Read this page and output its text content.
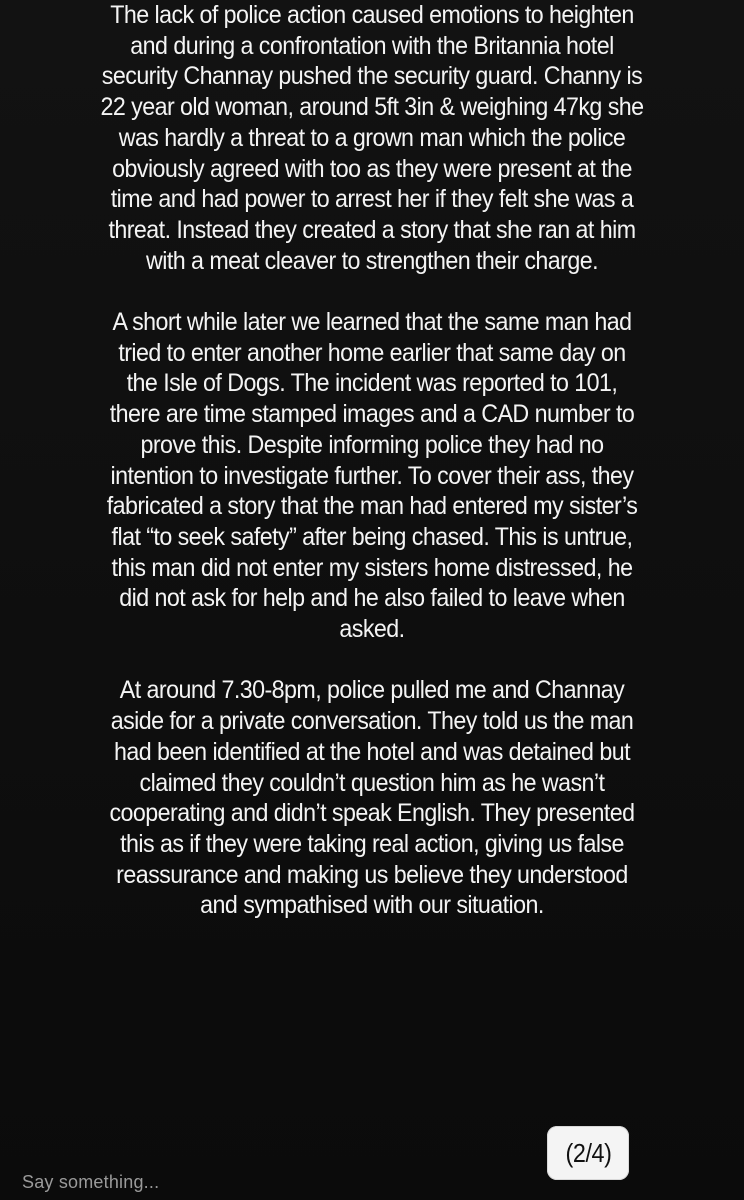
The lack of police action caused emotions to heighten
and during a confrontation with the Britannia hotel
security Channay pushed the security guard. Channy is
22 year old woman, around 5ft 3in & weighing 47kg she
was hardly a threat to a grown man which the police
obviously agreed with too as they were present at the
time and had power to arrest her if they felt she was a
threat. Instead they created a story that she ran at him
with a meat cleaver to strengthen their charge.
A short while later we learned that the same man had
tried to enter another home earlier that same day on
the Isle of Dogs. The incident was reported to 101,
there are time stamped images and a CAD number to
prove this. Despite informing police they had no
intention to investigate further. To cover their ass, they
fabricated a story that the man had entered my sister’s
flat “to seek safety” after being chased. This is untrue,
this man did not enter my sisters home distressed, he
did not ask for help and he also failed to leave when
asked.
At around 7.30-8pm, police pulled me and Channay
aside for a private conversation. They told us the man
had been identified at the hotel and was detained but
claimed they couldn’t question him as he wasn’t
cooperating and didn’t speak English. They presented
this as if they were taking real action, giving us false
reassurance and making us believe they understood
and sympathised with our situation.
(2/4)
Say something...
